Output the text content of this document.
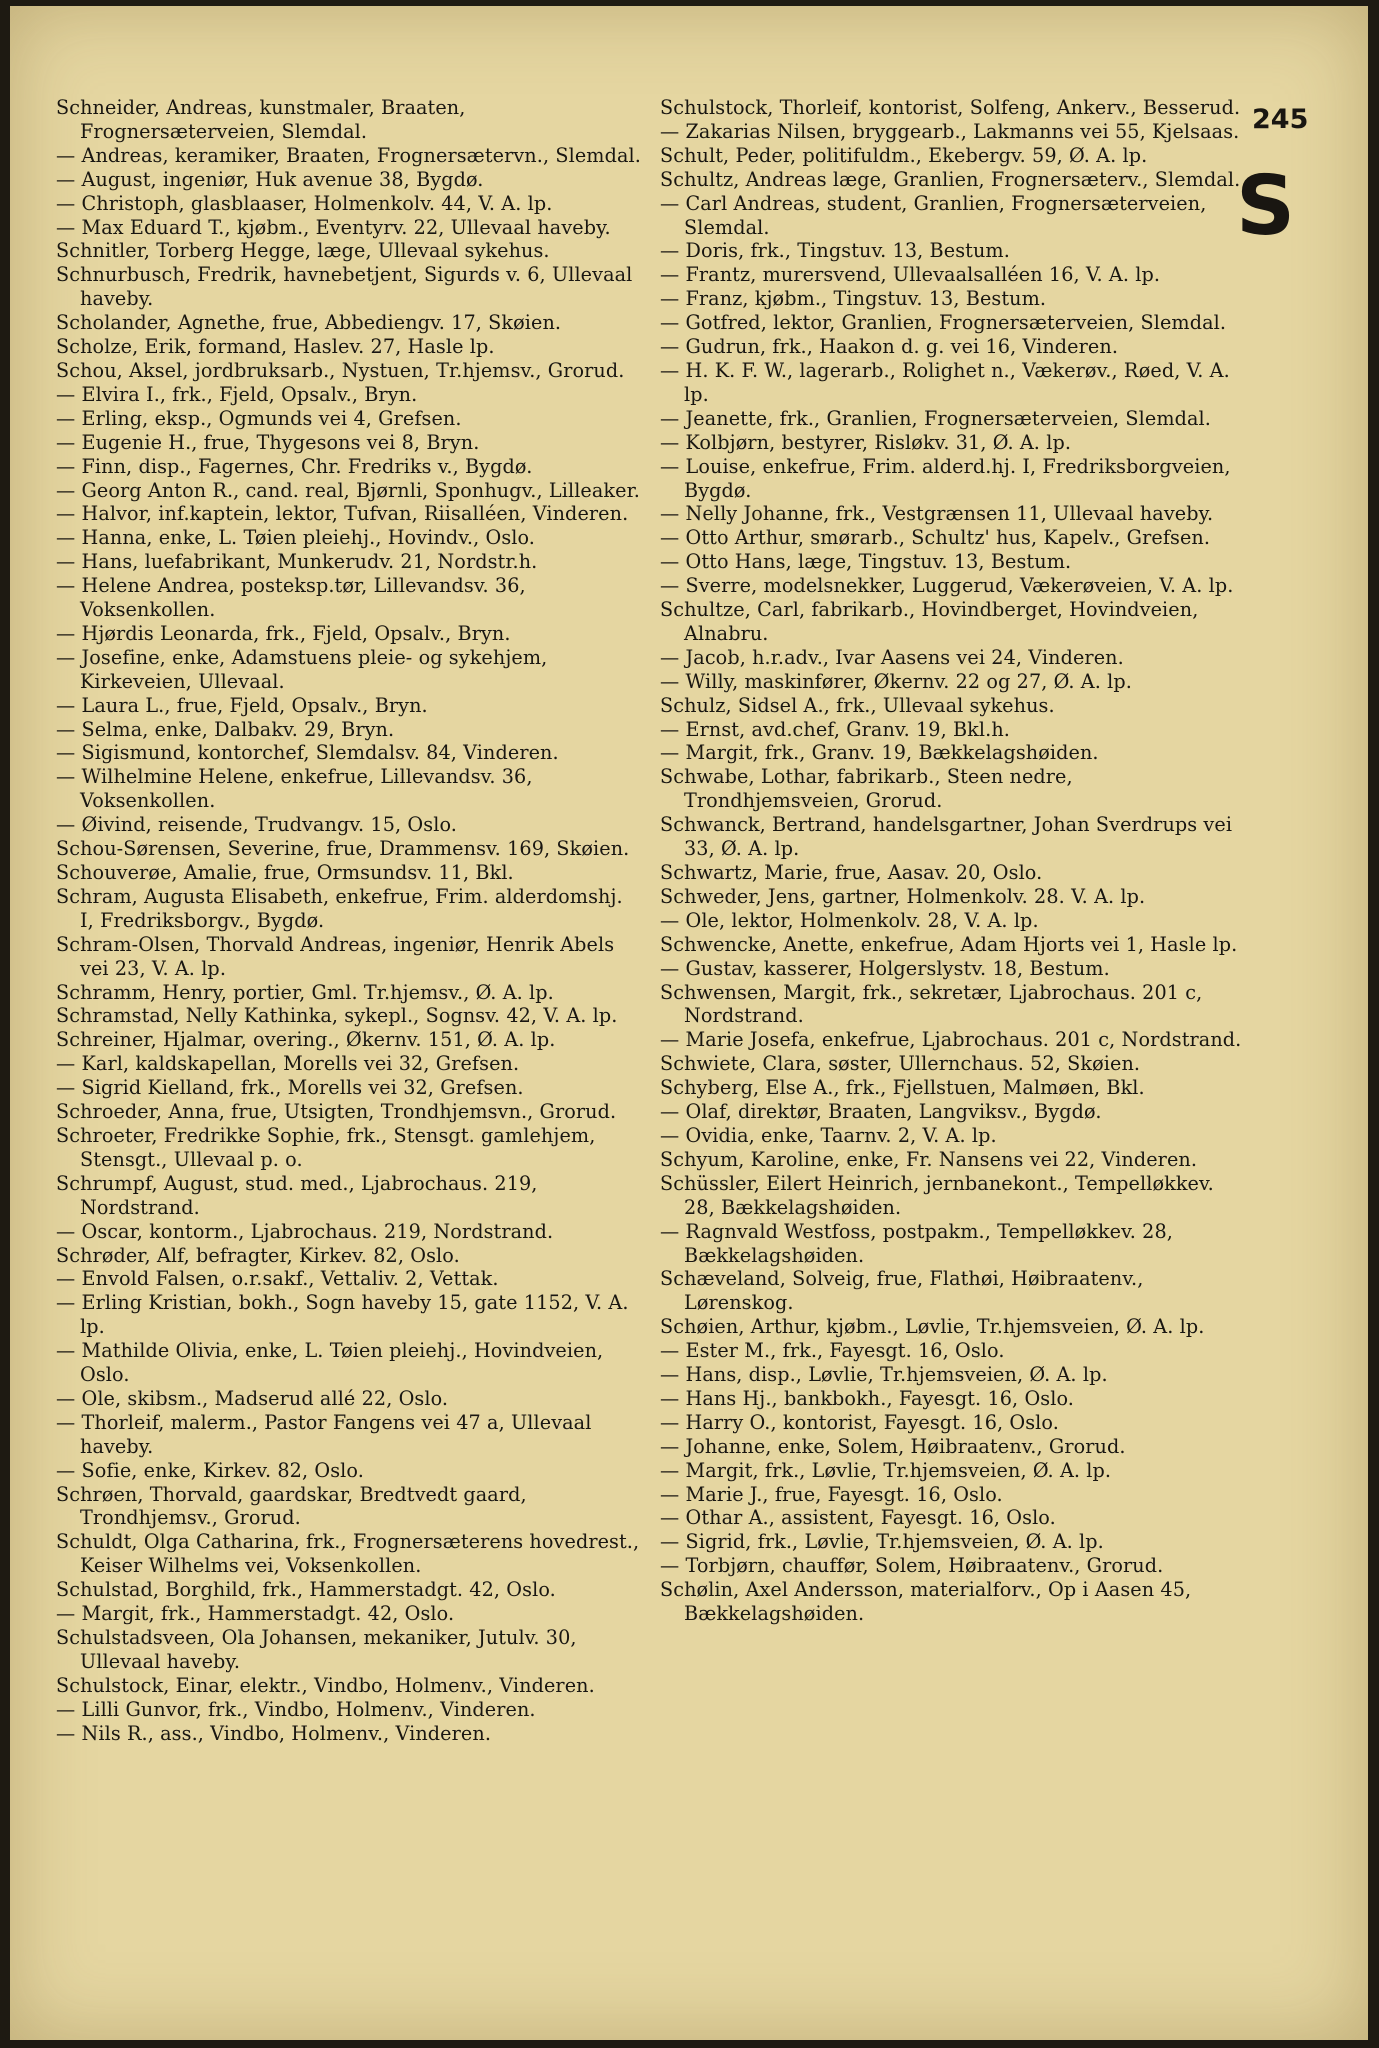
245
S

Schneider, Andreas, kunstmaler, Braaten, Frognersæterveien, Slemdal.

— Andreas, keramiker, Braaten, Frognersætervn., Slemdal.

— August, ingeniør, Huk avenue 38, Bygdø.

— Christoph, glasblaaser, Holmenkolv. 44, V. A. lp.

— Max Eduard T., kjøbm., Eventyrv. 22, Ullevaal haveby.

Schnitler, Torberg Hegge, læge, Ullevaal sykehus.

Schnurbusch, Fredrik, havnebetjent, Sigurds v. 6, Ullevaal haveby.

Scholander, Agnethe, frue, Abbediengv. 17, Skøien.

Scholze, Erik, formand, Haslev. 27, Hasle lp.

Schou, Aksel, jordbruksarb., Nystuen, Tr.hjemsv., Grorud.

— Elvira I., frk., Fjeld, Opsalv., Bryn.

— Erling, eksp., Ogmunds vei 4, Grefsen.

— Eugenie H., frue, Thygesons vei 8, Bryn.

— Finn, disp., Fagernes, Chr. Fredriks v., Bygdø.

— Georg Anton R., cand. real, Bjørnli, Sponhugv., Lilleaker.

— Halvor, inf.kaptein, lektor, Tufvan, Riisalléen, Vinderen.

— Hanna, enke, L. Tøien pleiehj., Hovindv., Oslo.

— Hans, luefabrikant, Munkerudv. 21, Nordstr.h.

— Helene Andrea, posteksp.tør, Lillevandsv. 36, Voksenkollen.

— Hjørdis Leonarda, frk., Fjeld, Opsalv., Bryn.

— Josefine, enke, Adamstuens pleie- og sykehjem, Kirkeveien, Ullevaal.

— Laura L., frue, Fjeld, Opsalv., Bryn.

— Selma, enke, Dalbakv. 29, Bryn.

— Sigismund, kontorchef, Slemdalsv. 84, Vinderen.

— Wilhelmine Helene, enkefrue, Lillevandsv. 36, Voksenkollen.

— Øivind, reisende, Trudvangv. 15, Oslo.

Schou-Sørensen, Severine, frue, Drammensv. 169, Skøien.

Schouverøe, Amalie, frue, Ormsundsv. 11, Bkl.

Schram, Augusta Elisabeth, enkefrue, Frim. alderdomshj. I, Fredriksborgv., Bygdø.

Schram-Olsen, Thorvald Andreas, ingeniør, Henrik Abels vei 23, V. A. lp.

Schramm, Henry, portier, Gml. Tr.hjemsv., Ø. A. lp.

Schramstad, Nelly Kathinka, sykepl., Sognsv. 42, V. A. lp.

Schreiner, Hjalmar, overing., Økernv. 151, Ø. A. lp.

— Karl, kaldskapellan, Morells vei 32, Grefsen.

— Sigrid Kielland, frk., Morells vei 32, Grefsen.

Schroeder, Anna, frue, Utsigten, Trondhjemsvn., Grorud.

Schroeter, Fredrikke Sophie, frk., Stensgt. gamlehjem, Stensgt., Ullevaal p. o.

Schrumpf, August, stud. med., Ljabrochaus. 219, Nordstrand.

— Oscar, kontorm., Ljabrochaus. 219, Nordstrand.

Schrøder, Alf, befragter, Kirkev. 82, Oslo.

— Envold Falsen, o.r.sakf., Vettaliv. 2, Vettak.

— Erling Kristian, bokh., Sogn haveby 15, gate 1152, V. A. lp.

— Mathilde Olivia, enke, L. Tøien pleiehj., Hovindveien, Oslo.

— Ole, skibsm., Madserud allé 22, Oslo.

— Thorleif, malerm., Pastor Fangens vei 47 a, Ullevaal haveby.

— Sofie, enke, Kirkev. 82, Oslo.

Schrøen, Thorvald, gaardskar, Bredtvedt gaard, Trondhjemsv., Grorud.

Schuldt, Olga Catharina, frk., Frognersæterens hovedrest., Keiser Wilhelms vei, Voksenkollen.

Schulstad, Borghild, frk., Hammerstadgt. 42, Oslo.

— Margit, frk., Hammerstadgt. 42, Oslo.

Schulstadsveen, Ola Johansen, mekaniker, Jutulv. 30, Ullevaal haveby.

Schulstock, Einar, elektr., Vindbo, Holmenv., Vinderen.

— Lilli Gunvor, frk., Vindbo, Holmenv., Vinderen.

— Nils R., ass., Vindbo, Holmenv., Vinderen.

Schulstock, Thorleif, kontorist, Solfeng, Ankerv., Besserud.

— Zakarias Nilsen, bryggearb., Lakmanns vei 55, Kjelsaas.

Schult, Peder, politifuldm., Ekebergv. 59, Ø. A. lp.

Schultz, Andreas læge, Granlien, Frognersæterv., Slemdal.

— Carl Andreas, student, Granlien, Frognersæterveien, Slemdal.

— Doris, frk., Tingstuv. 13, Bestum.

— Frantz, murersvend, Ullevaalsalléen 16, V. A. lp.

— Franz, kjøbm., Tingstuv. 13, Bestum.

— Gotfred, lektor, Granlien, Frognersæterveien, Slemdal.

— Gudrun, frk., Haakon d. g. vei 16, Vinderen.

— H. K. F. W., lagerarb., Rolighet n., Vækerøv., Røed, V. A. lp.

— Jeanette, frk., Granlien, Frognersæterveien, Slemdal.

— Kolbjørn, bestyrer, Risløkv. 31, Ø. A. lp.

— Louise, enkefrue, Frim. alderd.hj. I, Fredriksborgveien, Bygdø.

— Nelly Johanne, frk., Vestgrænsen 11, Ullevaal haveby.

— Otto Arthur, smørarb., Schultz' hus, Kapelv., Grefsen.

— Otto Hans, læge, Tingstuv. 13, Bestum.

— Sverre, modelsnekker, Luggerud, Vækerøveien, V. A. lp.

Schultze, Carl, fabrikarb., Hovindberget, Hovindveien, Alnabru.

— Jacob, h.r.adv., Ivar Aasens vei 24, Vinderen.

— Willy, maskinfører, Økernv. 22 og 27, Ø. A. lp.

Schulz, Sidsel A., frk., Ullevaal sykehus.

— Ernst, avd.chef, Granv. 19, Bkl.h.

— Margit, frk., Granv. 19, Bækkelagshøiden.

Schwabe, Lothar, fabrikarb., Steen nedre, Trondhjemsveien, Grorud.

Schwanck, Bertrand, handelsgartner, Johan Sverdrups vei 33, Ø. A. lp.

Schwartz, Marie, frue, Aasav. 20, Oslo.

Schweder, Jens, gartner, Holmenkolv. 28. V. A. lp.

— Ole, lektor, Holmenkolv. 28, V. A. lp.

Schwencke, Anette, enkefrue, Adam Hjorts vei 1, Hasle lp.

— Gustav, kasserer, Holgerslystv. 18, Bestum.

Schwensen, Margit, frk., sekretær, Ljabrochaus. 201 c, Nordstrand.

— Marie Josefa, enkefrue, Ljabrochaus. 201 c, Nordstrand.

Schwiete, Clara, søster, Ullernchaus. 52, Skøien.

Schyberg, Else A., frk., Fjellstuen, Malmøen, Bkl.

— Olaf, direktør, Braaten, Langviksv., Bygdø.

— Ovidia, enke, Taarnv. 2, V. A. lp.

Schyum, Karoline, enke, Fr. Nansens vei 22, Vinderen.

Schüssler, Eilert Heinrich, jernbanekont., Tempelløkkev. 28, Bækkelagshøiden.

— Ragnvald Westfoss, postpakm., Tempelløkkev. 28, Bækkelagshøiden.

Schæveland, Solveig, frue, Flathøi, Høibraatenv., Lørenskog.

Schøien, Arthur, kjøbm., Løvlie, Tr.hjemsveien, Ø. A. lp.

— Ester M., frk., Fayesgt. 16, Oslo.

— Hans, disp., Løvlie, Tr.hjemsveien, Ø. A. lp.

— Hans Hj., bankbokh., Fayesgt. 16, Oslo.

— Harry O., kontorist, Fayesgt. 16, Oslo.

— Johanne, enke, Solem, Høibraatenv., Grorud.

— Margit, frk., Løvlie, Tr.hjemsveien, Ø. A. lp.

— Marie J., frue, Fayesgt. 16, Oslo.

— Othar A., assistent, Fayesgt. 16, Oslo.

— Sigrid, frk., Løvlie, Tr.hjemsveien, Ø. A. lp.

— Torbjørn, chauffør, Solem, Høibraatenv., Grorud.

Schølin, Axel Andersson, materialforv., Op i Aasen 45, Bækkelagshøiden.
